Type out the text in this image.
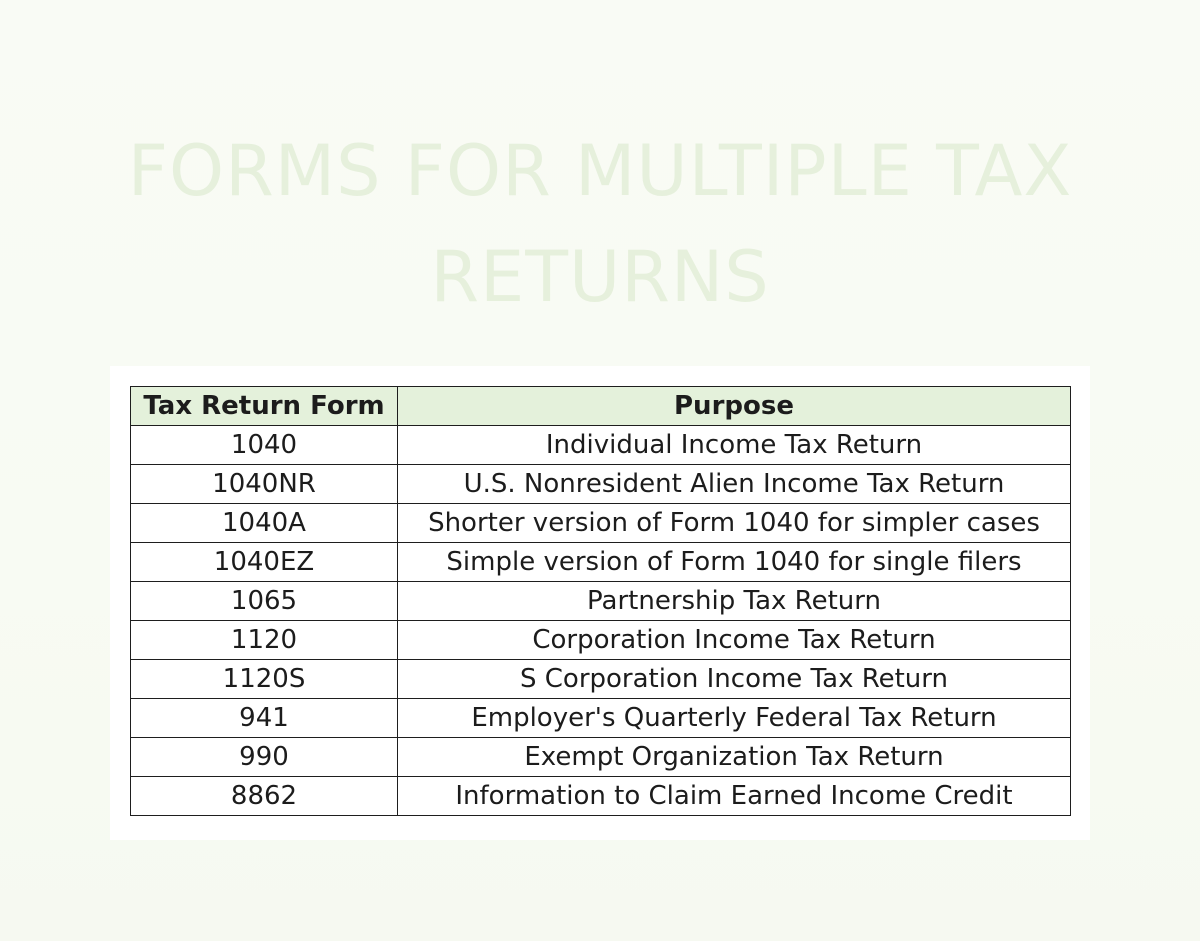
FORMS FOR MULTIPLE TAX RETURNS
Tax Return Form	Purpose
1040	Individual Income Tax Return
1040NR	U.S. Nonresident Alien Income Tax Return
1040A	Shorter version of Form 1040 for simpler cases
1040EZ	Simple version of Form 1040 for single filers
1065	Partnership Tax Return
1120	Corporation Income Tax Return
1120S	S Corporation Income Tax Return
941	Employer's Quarterly Federal Tax Return
990	Exempt Organization Tax Return
8862	Information to Claim Earned Income Credit
